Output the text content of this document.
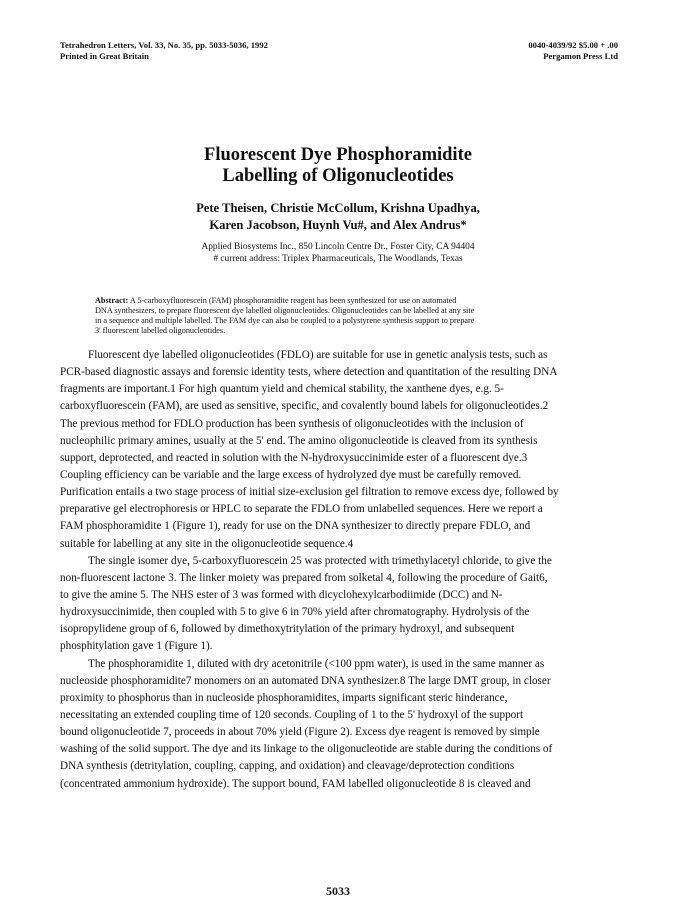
Tetrahedron Letters, Vol. 33, No. 35, pp. 5033-5036, 1992
Printed in Great Britain
0040-4039/92 $5.00 + .00
Pergamon Press Ltd
Fluorescent Dye Phosphoramidite
Labelling of Oligonucleotides
Pete Theisen, Christie McCollum, Krishna Upadhya,
Karen Jacobson, Huynh Vu#, and Alex Andrus*
Applied Biosystems Inc., 850 Lincoln Centre Dr., Foster City, CA 94404
# current address: Triplex Pharmaceuticals, The Woodlands, Texas
Abstract: A 5-carboxyfluorescein (FAM) phosphoramidite reagent has been synthesized for use on automated
DNA synthesizers, to prepare fluorescent dye labelled oligonucleotides. Oligonucleotides can be labelled at any site
in a sequence and multiple labelled. The FAM dye can also be coupled to a polystyrene synthesis support to prepare
3' fluorescent labelled oligonucleotides.
Fluorescent dye labelled oligonucleotides (FDLO) are suitable for use in genetic analysis tests, such as
PCR-based diagnostic assays and forensic identity tests, where detection and quantitation of the resulting DNA
fragments are important.1 For high quantum yield and chemical stability, the xanthene dyes, e.g. 5-
carboxyfluorescein (FAM), are used as sensitive, specific, and covalently bound labels for oligonucleotides.2
The previous method for FDLO production has been synthesis of oligonucleotides with the inclusion of
nucleophilic primary amines, usually at the 5' end. The amino oligonucleotide is cleaved from its synthesis
support, deprotected, and reacted in solution with the N-hydroxysuccinimide ester of a fluorescent dye.3
Coupling efficiency can be variable and the large excess of hydrolyzed dye must be carefully removed.
Purification entails a two stage process of initial size-exclusion gel filtration to remove excess dye, followed by
preparative gel electrophoresis or HPLC to separate the FDLO from unlabelled sequences. Here we report a
FAM phosphoramidite 1 (Figure 1), ready for use on the DNA synthesizer to directly prepare FDLO, and
suitable for labelling at any site in the oligonucleotide sequence.4
The single isomer dye, 5-carboxyfluorescein 25 was protected with trimethylacetyl chloride, to give the
non-fluorescent lactone 3. The linker moiety was prepared from solketal 4, following the procedure of Gait6,
to give the amine 5. The NHS ester of 3 was formed with dicyclohexylcarbodiimide (DCC) and N-
hydroxysuccinimide, then coupled with 5 to give 6 in 70% yield after chromatography. Hydrolysis of the
isopropylidene group of 6, followed by dimethoxytritylation of the primary hydroxyl, and subsequent
phosphitylation gave 1 (Figure 1).
The phosphoramidite 1, diluted with dry acetonitrile (<100 ppm water), is used in the same manner as
nucleoside phosphoramidite7 monomers on an automated DNA synthesizer.8 The large DMT group, in closer
proximity to phosphorus than in nucleoside phosphoramidites, imparts significant steric hinderance,
necessitating an extended coupling time of 120 seconds. Coupling of 1 to the 5' hydroxyl of the support
bound oligonucleotide 7, proceeds in about 70% yield (Figure 2). Excess dye reagent is removed by simple
washing of the solid support. The dye and its linkage to the oligonucleotide are stable during the conditions of
DNA synthesis (detritylation, coupling, capping, and oxidation) and cleavage/deprotection conditions
(concentrated ammonium hydroxide). The support bound, FAM labelled oligonucleotide 8 is cleaved and
5033
